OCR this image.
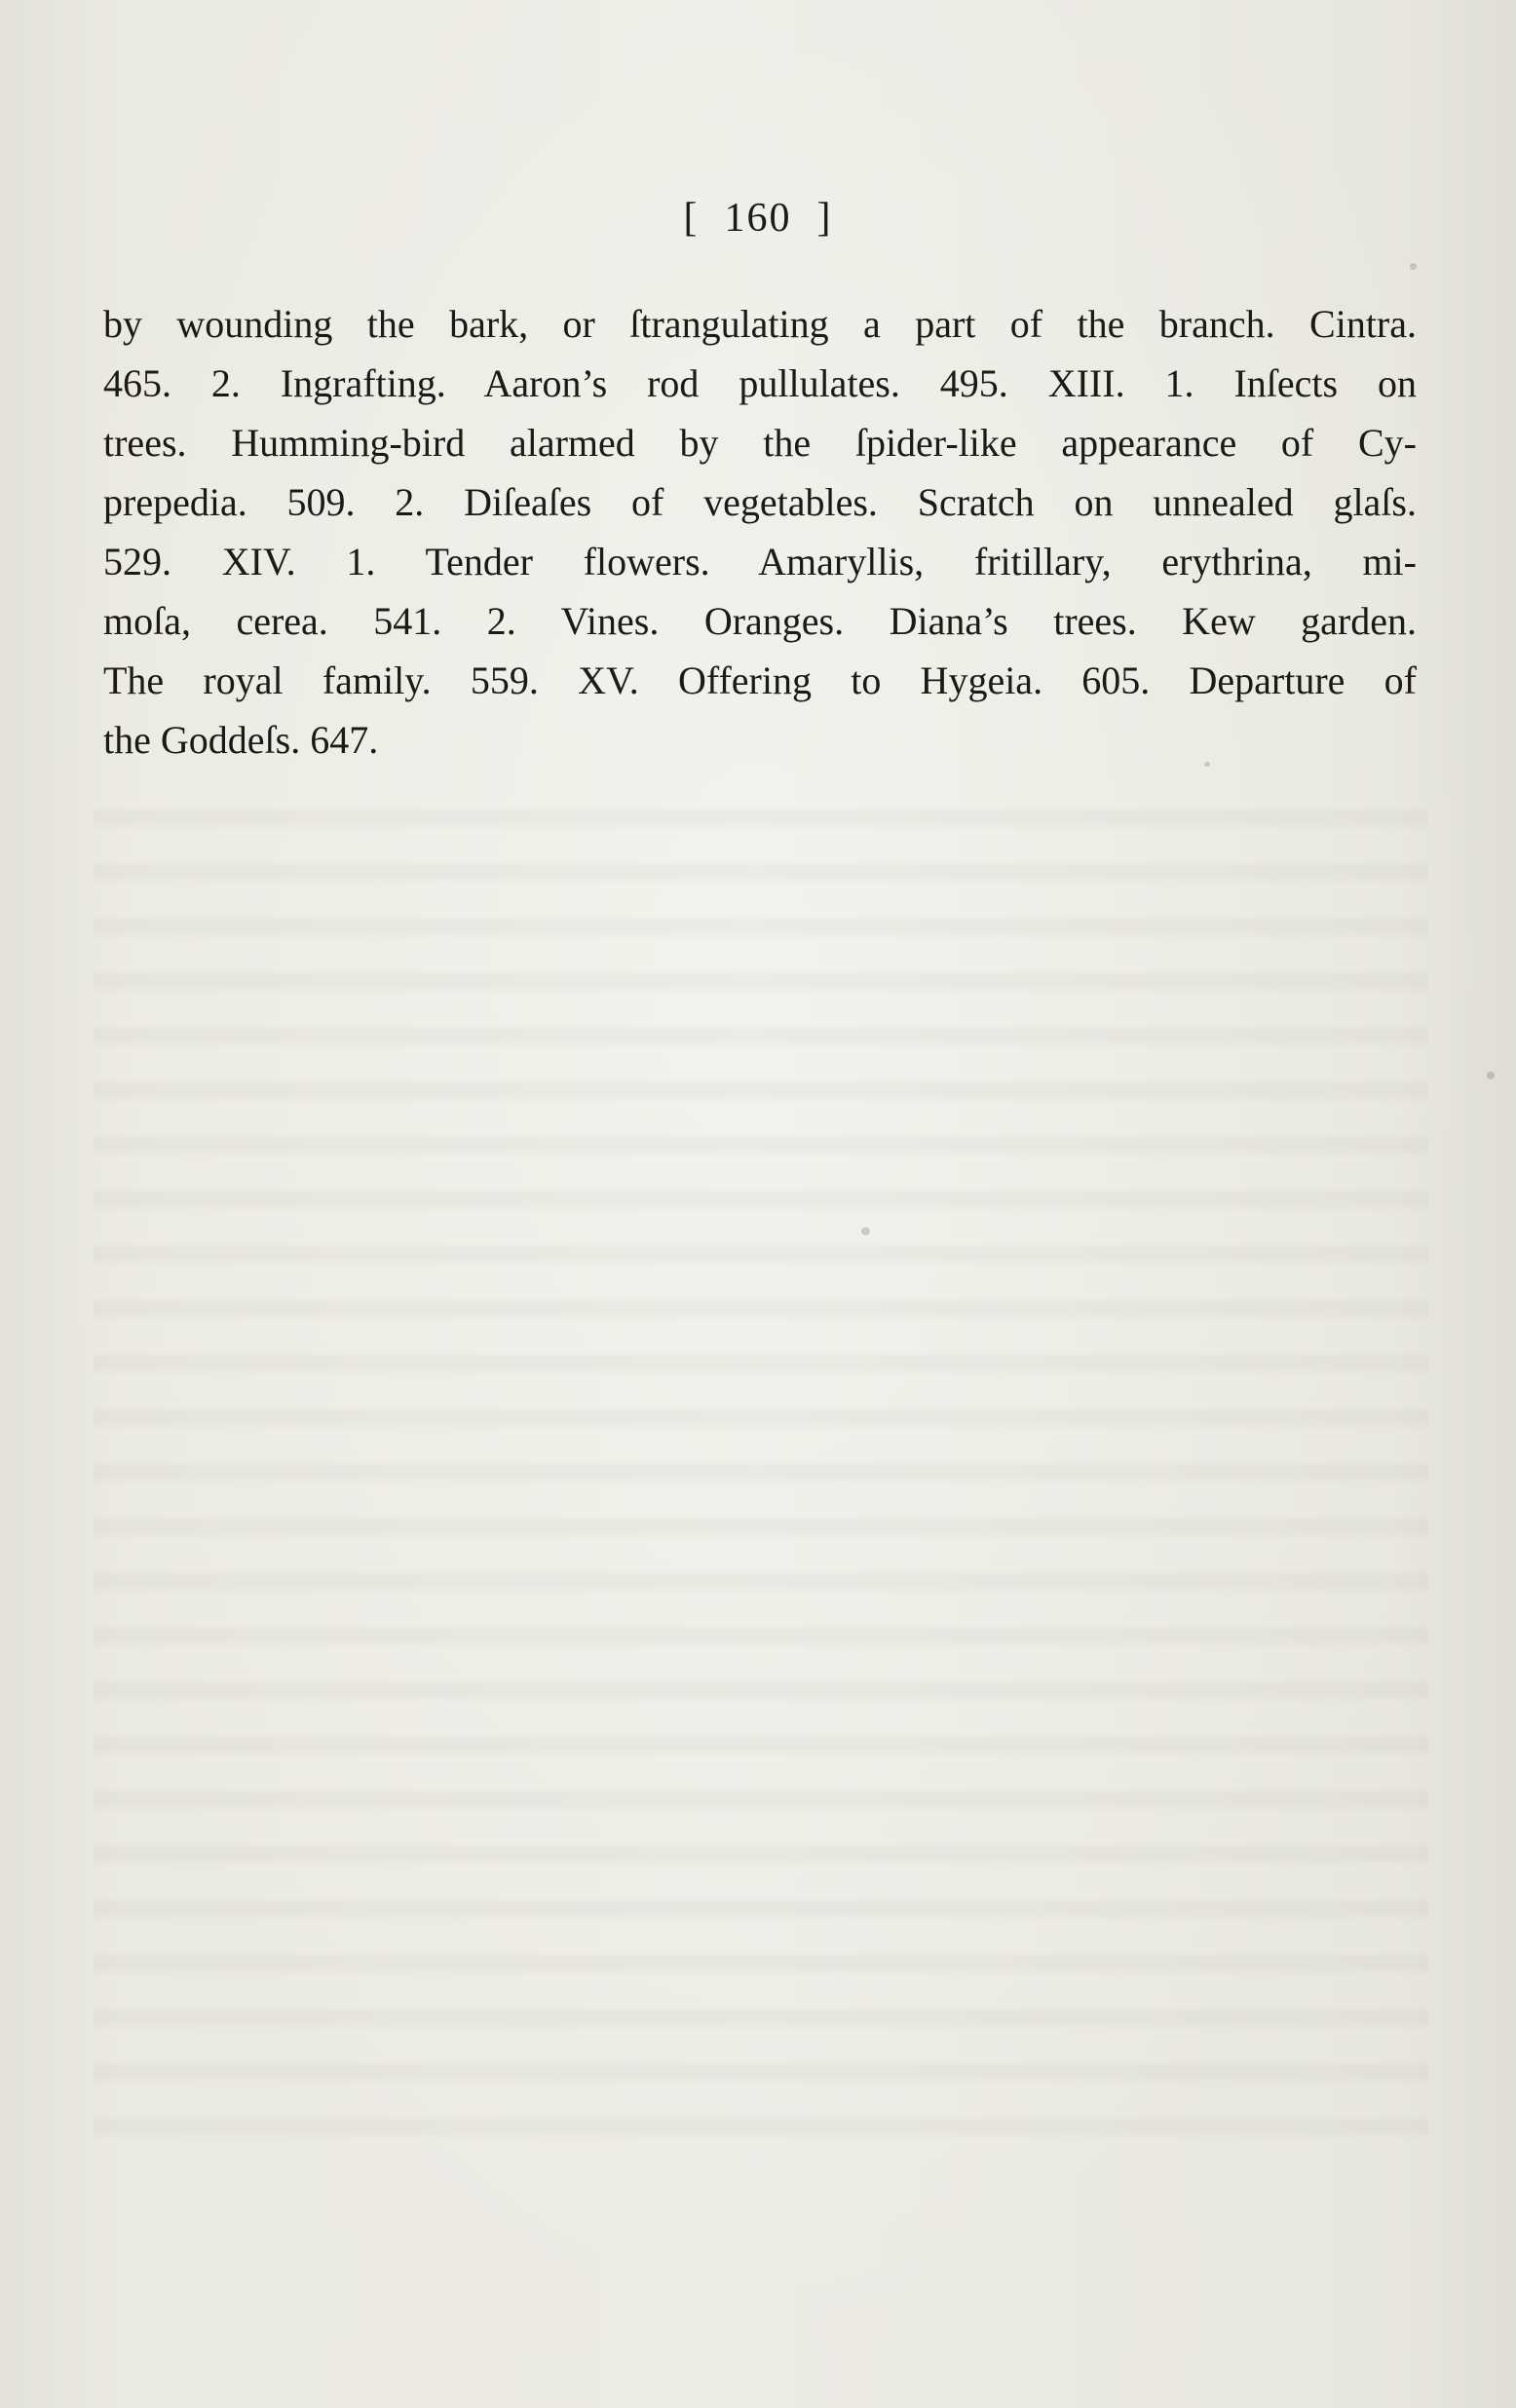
[ 160 ]
by wounding the bark, or ſtrangulating a part of the branch. Cintra.
465. 2. Ingrafting. Aaron’s rod pullulates. 495. XIII. 1. Inſects on
trees. Humming-bird alarmed by the ſpider-like appearance of Cy-
prepedia. 509. 2. Diſeaſes of vegetables. Scratch on unnealed glaſs.
529. XIV. 1. Tender flowers. Amaryllis, fritillary, erythrina, mi-
moſa, cerea. 541. 2. Vines. Oranges. Diana’s trees. Kew garden.
The royal family. 559. XV. Offering to Hygeia. 605. Departure of
the Goddeſs. 647.
